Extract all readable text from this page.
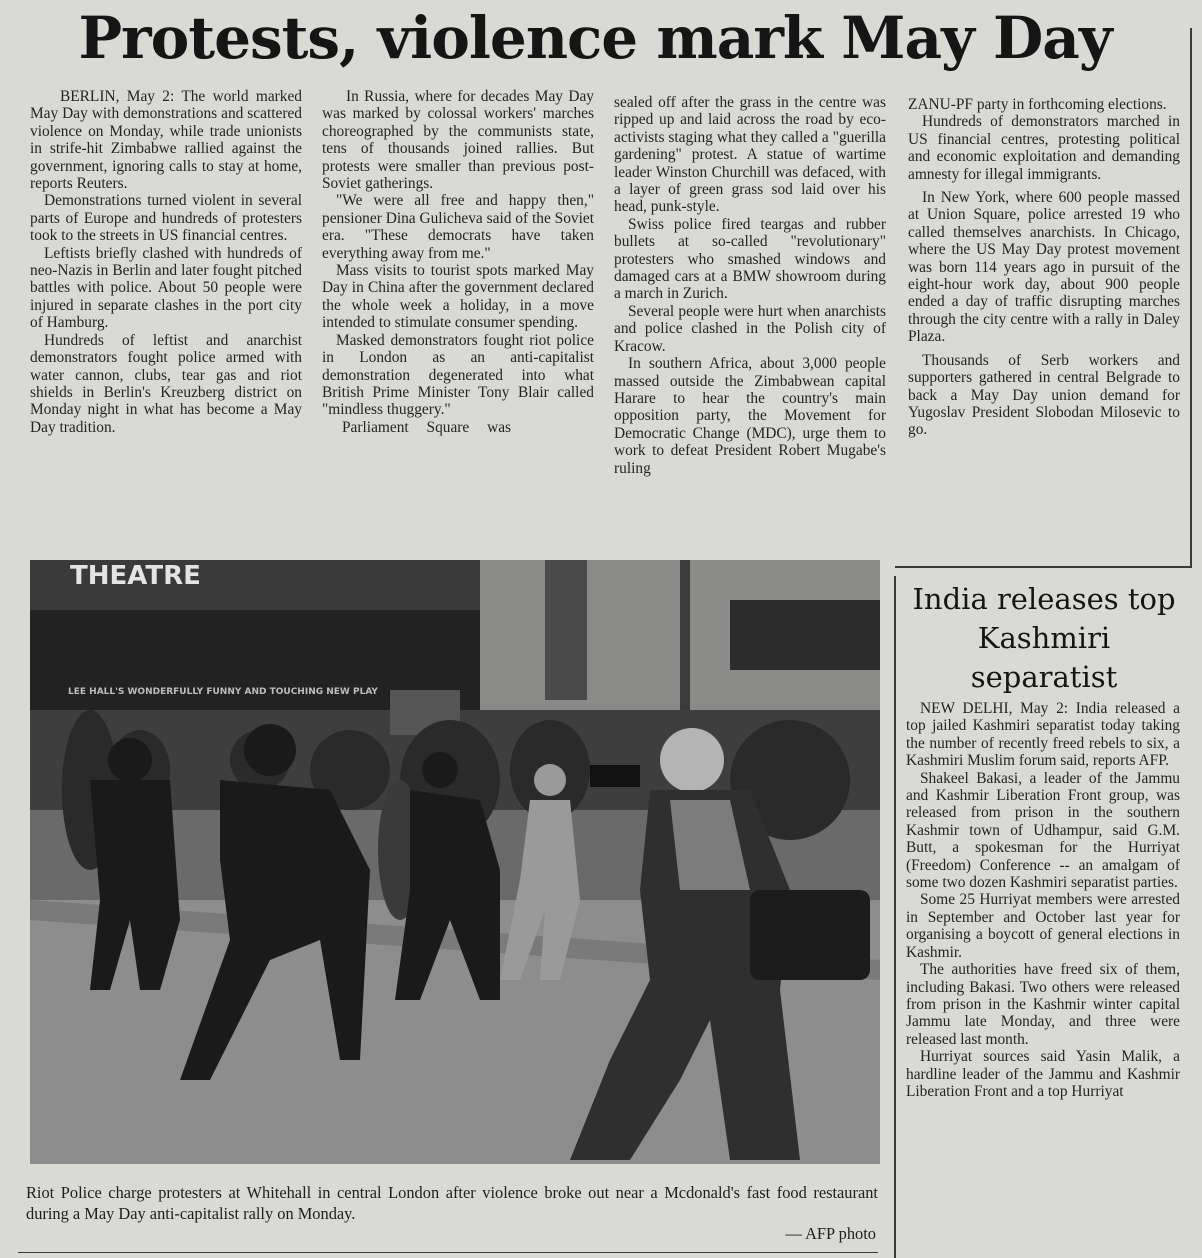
Protests, violence mark May Day

BERLIN, May 2: The world marked May Day with demonstrations and scattered violence on Monday, while trade unionists in strife-hit Zimbabwe rallied against the government, ignoring calls to stay at home, reports Reuters.

Demonstrations turned violent in several parts of Europe and hundreds of protesters took to the streets in US financial centres.

Leftists briefly clashed with hundreds of neo-Nazis in Berlin and later fought pitched battles with police. About 50 people were injured in separate clashes in the port city of Hamburg.

Hundreds of leftist and anarchist demonstrators fought police armed with water cannon, clubs, tear gas and riot shields in Berlin's Kreuzberg district on Monday night in what has become a May Day tradition.

In Russia, where for decades May Day was marked by colossal workers' marches choreographed by the communists state, tens of thousands joined rallies. But protests were smaller than previous post-Soviet gatherings.

"We were all free and happy then," pensioner Dina Gulicheva said of the Soviet era. "These democrats have taken everything away from me."

Mass visits to tourist spots marked May Day in China after the government declared the whole week a holiday, in a move intended to stimulate consumer spending.

Masked demonstrators fought riot police in London as an anti-capitalist demonstration degenerated into what British Prime Minister Tony Blair called "mindless thuggery."

Parliament Square was

sealed off after the grass in the centre was ripped up and laid across the road by eco-activists staging what they called a "guerilla gardening" protest. A statue of wartime leader Winston Churchill was defaced, with a layer of green grass sod laid over his head, punk-style.

Swiss police fired teargas and rubber bullets at so-called "revolutionary" protesters who smashed windows and damaged cars at a BMW showroom during a march in Zurich.

Several people were hurt when anarchists and police clashed in the Polish city of Kracow.

In southern Africa, about 3,000 people massed outside the Zimbabwean capital Harare to hear the country's main opposition party, the Movement for Democratic Change (MDC), urge them to work to defeat President Robert Mugabe's ruling

ZANU-PF party in forthcoming elections.

Hundreds of demonstrators marched in US financial centres, protesting political and economic exploitation and demanding amnesty for illegal immigrants.

In New York, where 600 people massed at Union Square, police arrested 19 who called themselves anarchists. In Chicago, where the US May Day protest movement was born 114 years ago in pursuit of the eight-hour work day, about 900 people ended a day of traffic disrupting marches through the city centre with a rally in Daley Plaza.

Thousands of Serb workers and supporters gathered in central Belgrade to back a May Day union demand for Yugoslav President Slobodan Milosevic to go.

THEATRE
LEE HALL'S WONDERFULLY FUNNY AND TOUCHING NEW PLAY
Riot Police charge protesters at Whitehall in central London after violence broke out near a Mcdonald's fast food restaurant during a May Day anti-capitalist rally on Monday.
— AFP photo
India releases top Kashmiri separatist

NEW DELHI, May 2: India released a top jailed Kashmiri separatist today taking the number of recently freed rebels to six, a Kashmiri Muslim forum said, reports AFP.

Shakeel Bakasi, a leader of the Jammu and Kashmir Liberation Front group, was released from prison in the southern Kashmir town of Udhampur, said G.M. Butt, a spokesman for the Hurriyat (Freedom) Conference -- an amalgam of some two dozen Kashmiri separatist parties.

Some 25 Hurriyat members were arrested in September and October last year for organising a boycott of general elections in Kashmir.

The authorities have freed six of them, including Bakasi. Two others were released from prison in the Kashmir winter capital Jammu late Monday, and three were released last month.

Hurriyat sources said Yasin Malik, a hardline leader of the Jammu and Kashmir Liberation Front and a top Hurriyat
